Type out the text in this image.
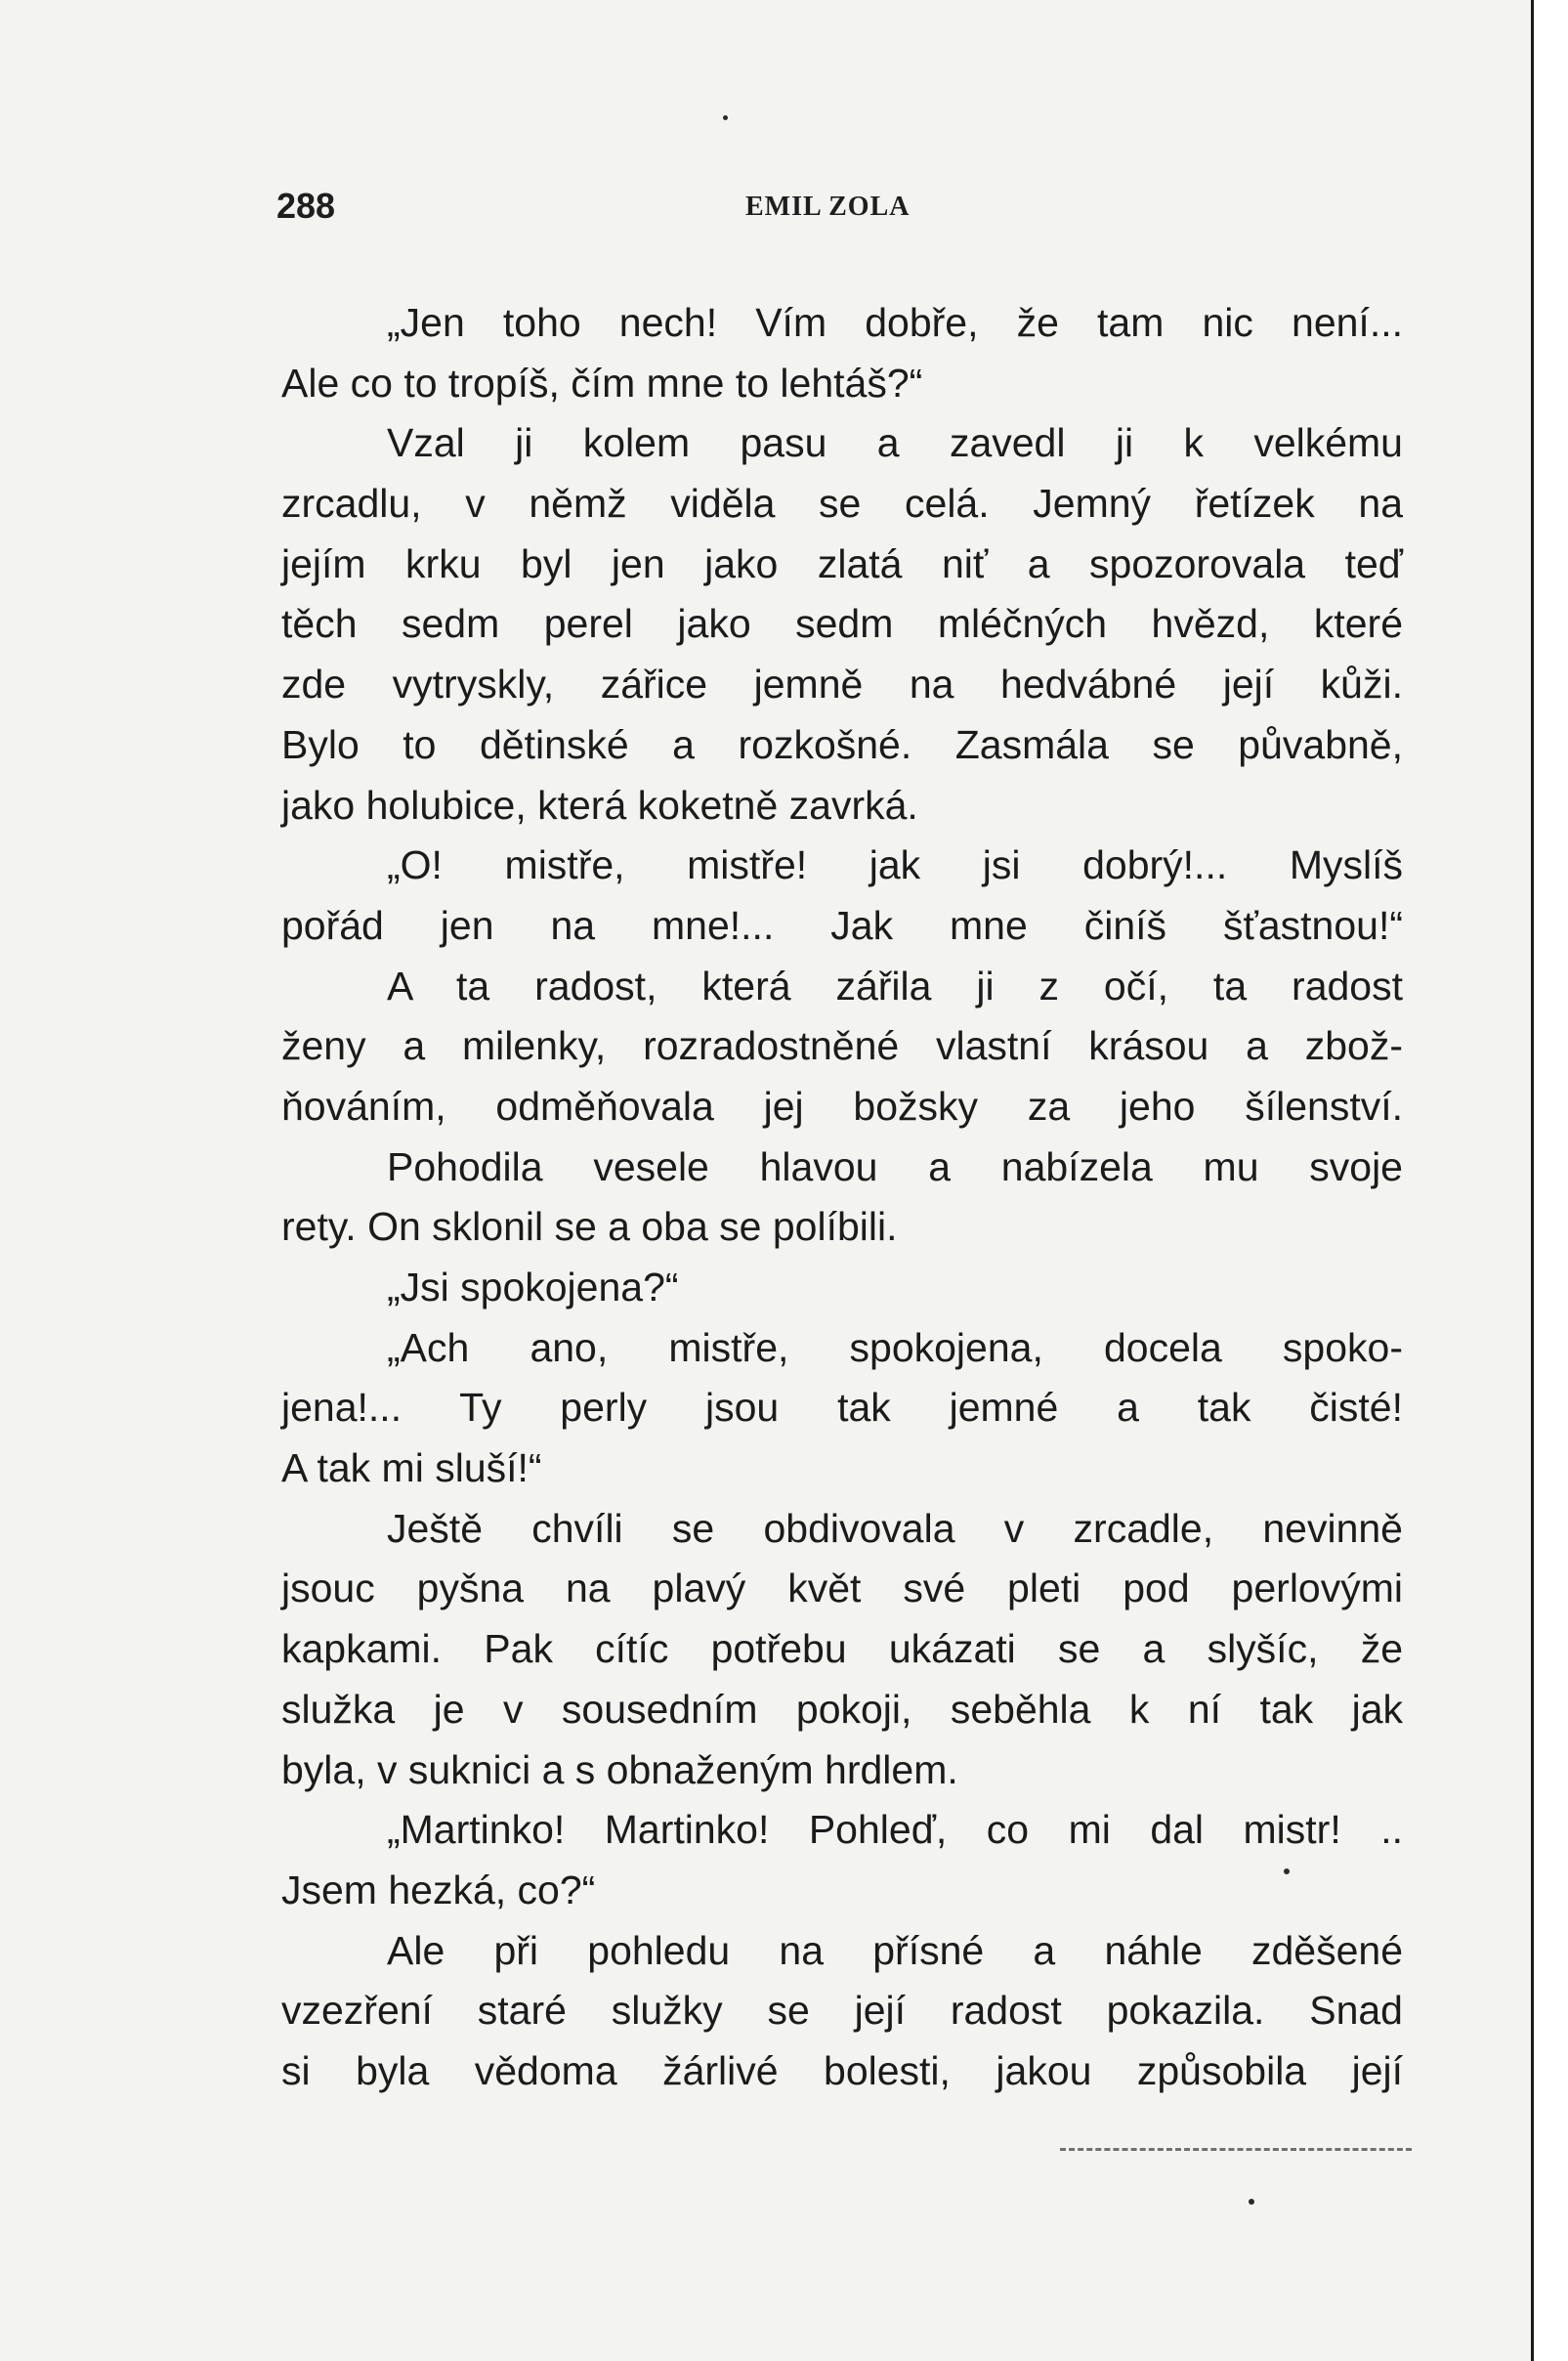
288	EMIL ZOLA
„Jen toho nech! Vím dobře, že tam nic není...
Ale co to tropíš, čím mne to lehtáš?“
Vzal ji kolem pasu a zavedl ji k velkému
zrcadlu, v němž viděla se celá. Jemný řetízek na
jejím krku byl jen jako zlatá niť a spozorovala teď
těch sedm perel jako sedm mléčných hvězd, které
zde vytryskly, zářice jemně na hedvábné její kůži.
Bylo to dětinské a rozkošné. Zasmála se půvabně,
jako holubice, která koketně zavrká.
„O! mistře, mistře! jak jsi dobrý!... Myslíš
pořád jen na mne!... Jak mne činíš šťastnou!“
A ta radost, která zářila ji z očí, ta radost
ženy a milenky, rozradostněné vlastní krásou a zbož-
ňováním, odměňovala jej božsky za jeho šílenství.
Pohodila vesele hlavou a nabízela mu svoje
rety. On sklonil se a oba se políbili.
„Jsi spokojena?“
„Ach ano, mistře, spokojena, docela spoko-
jena!... Ty perly jsou tak jemné a tak čisté!
A tak mi sluší!“
Ještě chvíli se obdivovala v zrcadle, nevinně
jsouc pyšna na plavý květ své pleti pod perlovými
kapkami. Pak cítíc potřebu ukázati se a slyšíc, že
služka je v sousedním pokoji, seběhla k ní tak jak
byla, v suknici a s obnaženým hrdlem.
„Martinko! Martinko! Pohleď, co mi dal mistr! ..
Jsem hezká, co?“
Ale při pohledu na přísné a náhle zděšené
vzezření staré služky se její radost pokazila. Snad
si byla vědoma žárlivé bolesti, jakou způsobila její
